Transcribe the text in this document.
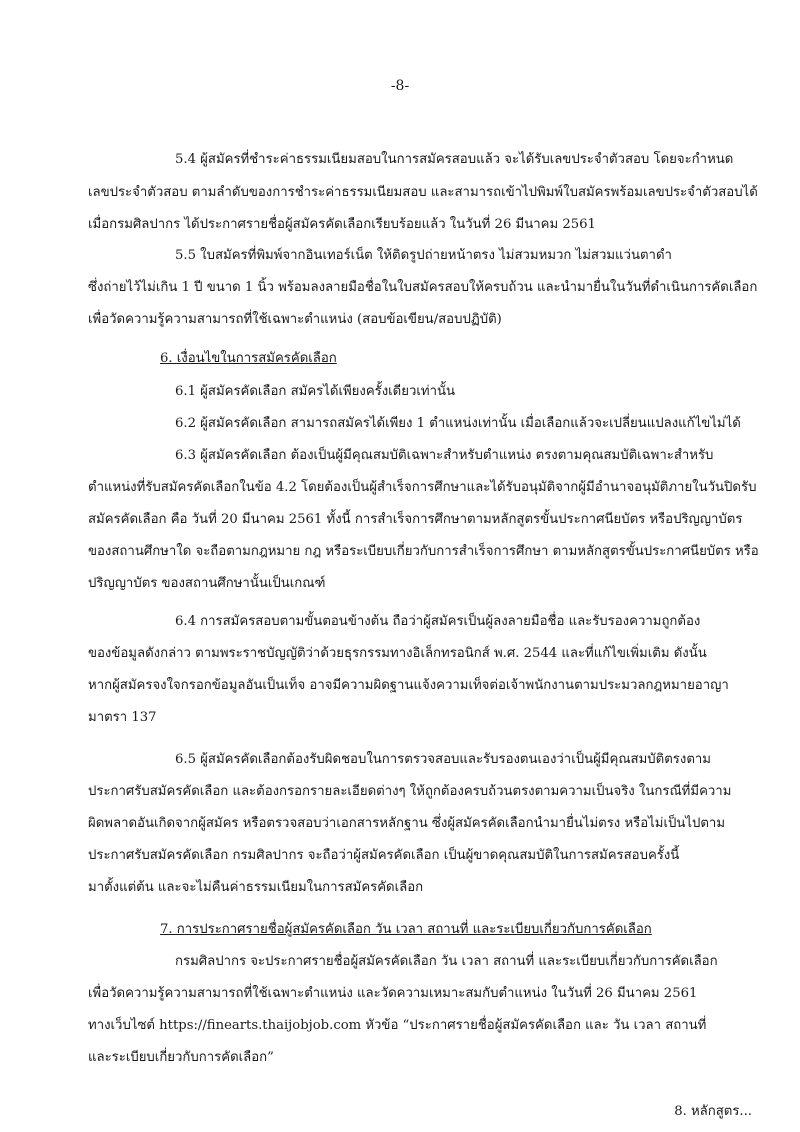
-8-
5.4 ผู้สมัครที่ชำระค่าธรรมเนียมสอบในการสมัครสอบแล้ว จะได้รับเลขประจำตัวสอบ โดยจะกำหนด
เลขประจำตัวสอบ ตามลำดับของการชำระค่าธรรมเนียมสอบ และสามารถเข้าไปพิมพ์ใบสมัครพร้อมเลขประจำตัวสอบได้
เมื่อกรมศิลปากร ได้ประกาศรายชื่อผู้สมัครคัดเลือกเรียบร้อยแล้ว ในวันที่ 26 มีนาคม 2561
5.5 ใบสมัครที่พิมพ์จากอินเทอร์เน็ต ให้ติดรูปถ่ายหน้าตรง ไม่สวมหมวก ไม่สวมแว่นตาดำ
ซึ่งถ่ายไว้ไม่เกิน 1 ปี ขนาด 1 นิ้ว พร้อมลงลายมือชื่อในใบสมัครสอบให้ครบถ้วน และนำมายื่นในวันที่ดำเนินการคัดเลือก
เพื่อวัดความรู้ความสามารถที่ใช้เฉพาะตำแหน่ง (สอบข้อเขียน/สอบปฏิบัติ)
6. เงื่อนไขในการสมัครคัดเลือก
6.1 ผู้สมัครคัดเลือก สมัครได้เพียงครั้งเดียวเท่านั้น
6.2 ผู้สมัครคัดเลือก สามารถสมัครได้เพียง 1 ตำแหน่งเท่านั้น เมื่อเลือกแล้วจะเปลี่ยนแปลงแก้ไขไม่ได้
6.3 ผู้สมัครคัดเลือก ต้องเป็นผู้มีคุณสมบัติเฉพาะสำหรับตำแหน่ง ตรงตามคุณสมบัติเฉพาะสำหรับ
ตำแหน่งที่รับสมัครคัดเลือกในข้อ 4.2 โดยต้องเป็นผู้สำเร็จการศึกษาและได้รับอนุมัติจากผู้มีอำนาจอนุมัติภายในวันปิดรับ
สมัครคัดเลือก คือ วันที่ 20 มีนาคม 2561 ทั้งนี้ การสำเร็จการศึกษาตามหลักสูตรขั้นประกาศนียบัตร หรือปริญญาบัตร
ของสถานศึกษาใด จะถือตามกฎหมาย กฎ หรือระเบียบเกี่ยวกับการสำเร็จการศึกษา ตามหลักสูตรขั้นประกาศนียบัตร หรือ
ปริญญาบัตร ของสถานศึกษานั้นเป็นเกณฑ์
6.4 การสมัครสอบตามขั้นตอนข้างต้น ถือว่าผู้สมัครเป็นผู้ลงลายมือชื่อ และรับรองความถูกต้อง
ของข้อมูลดังกล่าว ตามพระราชบัญญัติว่าด้วยธุรกรรมทางอิเล็กทรอนิกส์ พ.ศ. 2544 และที่แก้ไขเพิ่มเติม ดังนั้น
หากผู้สมัครจงใจกรอกข้อมูลอันเป็นเท็จ อาจมีความผิดฐานแจ้งความเท็จต่อเจ้าพนักงานตามประมวลกฎหมายอาญา
มาตรา 137
6.5 ผู้สมัครคัดเลือกต้องรับผิดชอบในการตรวจสอบและรับรองตนเองว่าเป็นผู้มีคุณสมบัติตรงตาม
ประกาศรับสมัครคัดเลือก และต้องกรอกรายละเอียดต่างๆ ให้ถูกต้องครบถ้วนตรงตามความเป็นจริง ในกรณีที่มีความ
ผิดพลาดอันเกิดจากผู้สมัคร หรือตรวจสอบว่าเอกสารหลักฐาน ซึ่งผู้สมัครคัดเลือกนำมายื่นไม่ตรง หรือไม่เป็นไปตาม
ประกาศรับสมัครคัดเลือก กรมศิลปากร จะถือว่าผู้สมัครคัดเลือก เป็นผู้ขาดคุณสมบัติในการสมัครสอบครั้งนี้
มาตั้งแต่ต้น และจะไม่คืนค่าธรรมเนียมในการสมัครคัดเลือก
7. การประกาศรายชื่อผู้สมัครคัดเลือก วัน เวลา สถานที่ และระเบียบเกี่ยวกับการคัดเลือก
กรมศิลปากร จะประกาศรายชื่อผู้สมัครคัดเลือก วัน เวลา สถานที่ และระเบียบเกี่ยวกับการคัดเลือก
เพื่อวัดความรู้ความสามารถที่ใช้เฉพาะตำแหน่ง และวัดความเหมาะสมกับตำแหน่ง ในวันที่ 26 มีนาคม 2561
ทางเว็บไซต์ https://finearts.thaijobjob.com หัวข้อ “ประกาศรายชื่อผู้สมัครคัดเลือก และ วัน เวลา สถานที่
และระเบียบเกี่ยวกับการคัดเลือก”
8. หลักสูตร...
